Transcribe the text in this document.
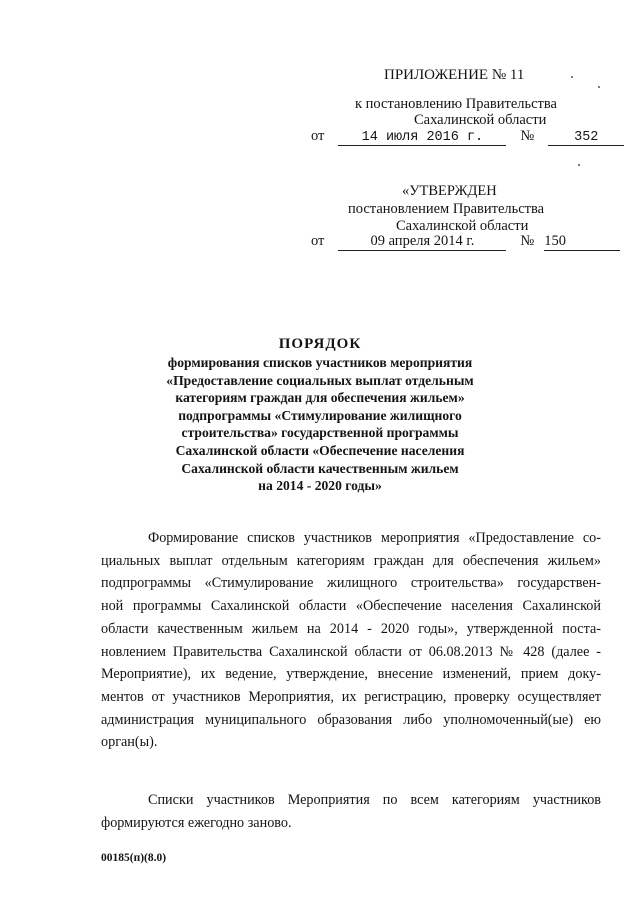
ПРИЛОЖЕНИЕ № 11
к постановлению Правительства
Сахалинской области
от	14 июля 2016 г.	№	352
«УТВЕРЖДЕН
постановлением Правительства
Сахалинской области
от	09 апреля 2014 г.	№ 150
ПОРЯДОК
формирования списков участников мероприятия
«Предоставление социальных выплат отдельным
категориям граждан для обеспечения жильем»
подпрограммы «Стимулирование жилищного
строительства» государственной программы
Сахалинской области «Обеспечение населения
Сахалинской области качественным жильем
на 2014 - 2020 годы»
Формирование списков участников мероприятия «Предоставление со-
циальных выплат отдельным категориям граждан для обеспечения жильем»
подпрограммы «Стимулирование жилищного строительства» государствен-
ной программы Сахалинской области «Обеспечение населения Сахалинской
области качественным жильем на 2014 - 2020 годы», утвержденной поста-
новлением Правительства Сахалинской области от 06.08.2013 № 428 (далее -
Мероприятие), их ведение, утверждение, внесение изменений, прием доку-
ментов от участников Мероприятия, их регистрацию, проверку осуществляет
администрация муниципального образования либо уполномоченный(ые) ею
орган(ы).
Списки участников Мероприятия по всем категориям участников
формируются ежегодно заново.
00185(п)(8.0)
